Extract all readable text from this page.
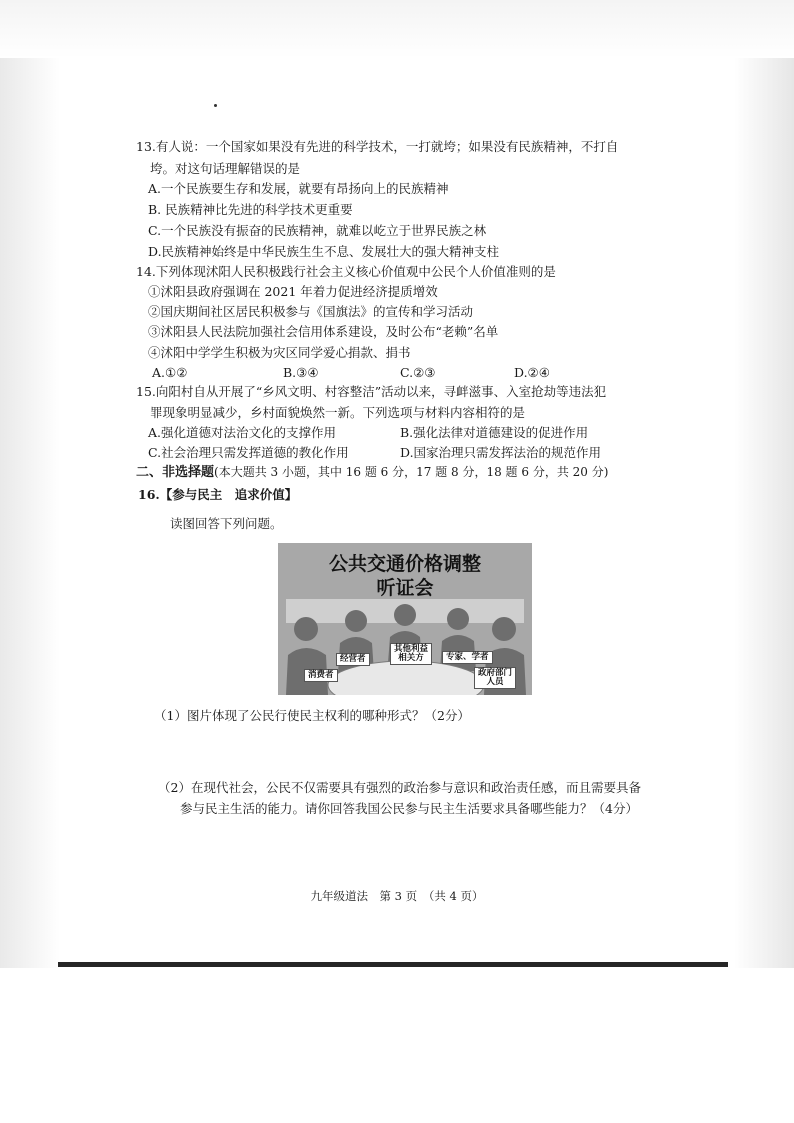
13.有人说：一个国家如果没有先进的科学技术，一打就垮；如果没有民族精神，不打自
垮。对这句话理解错误的是
A.一个民族要生存和发展，就要有昂扬向上的民族精神
B. 民族精神比先进的科学技术更重要
C.一个民族没有振奋的民族精神，就难以屹立于世界民族之林
D.民族精神始终是中华民族生生不息、发展壮大的强大精神支柱
14.下列体现沭阳人民积极践行社会主义核心价值观中公民个人价值准则的是
①沭阳县政府强调在 2021 年着力促进经济提质增效
②国庆期间社区居民积极参与《国旗法》的宣传和学习活动
③沭阳县人民法院加强社会信用体系建设，及时公布“老赖”名单
④沭阳中学学生积极为灾区同学爱心捐款、捐书
A.①②	B.③④	C.②③	D.②④
15.向阳村自从开展了“乡风文明、村容整洁”活动以来，寻衅滋事、入室抢劫等违法犯
罪现象明显减少，乡村面貌焕然一新。下列选项与材料内容相符的是
A.强化道德对法治文化的支撑作用	B.强化法律对道德建设的促进作用
C.社会治理只需发挥道德的教化作用	D.国家治理只需发挥法治的规范作用
二、非选择题(本大题共 3 小题，其中 16 题 6 分，17 题 8 分，18 题 6 分，共 20 分)
16.【参与民主　追求价值】
读图回答下列问题。
公共交通价格调整
听证会
消费者
经营者
其他利益
相关方	专家、学者
政府部门
人员
（1）图片体现了公民行使民主权利的哪种形式？（2分）
（2）在现代社会，公民不仅需要具有强烈的政治参与意识和政治责任感，而且需要具备
参与民主生活的能力。请你回答我国公民参与民主生活要求具备哪些能力？（4分）
九年级道法　第 3 页　（共 4 页）
